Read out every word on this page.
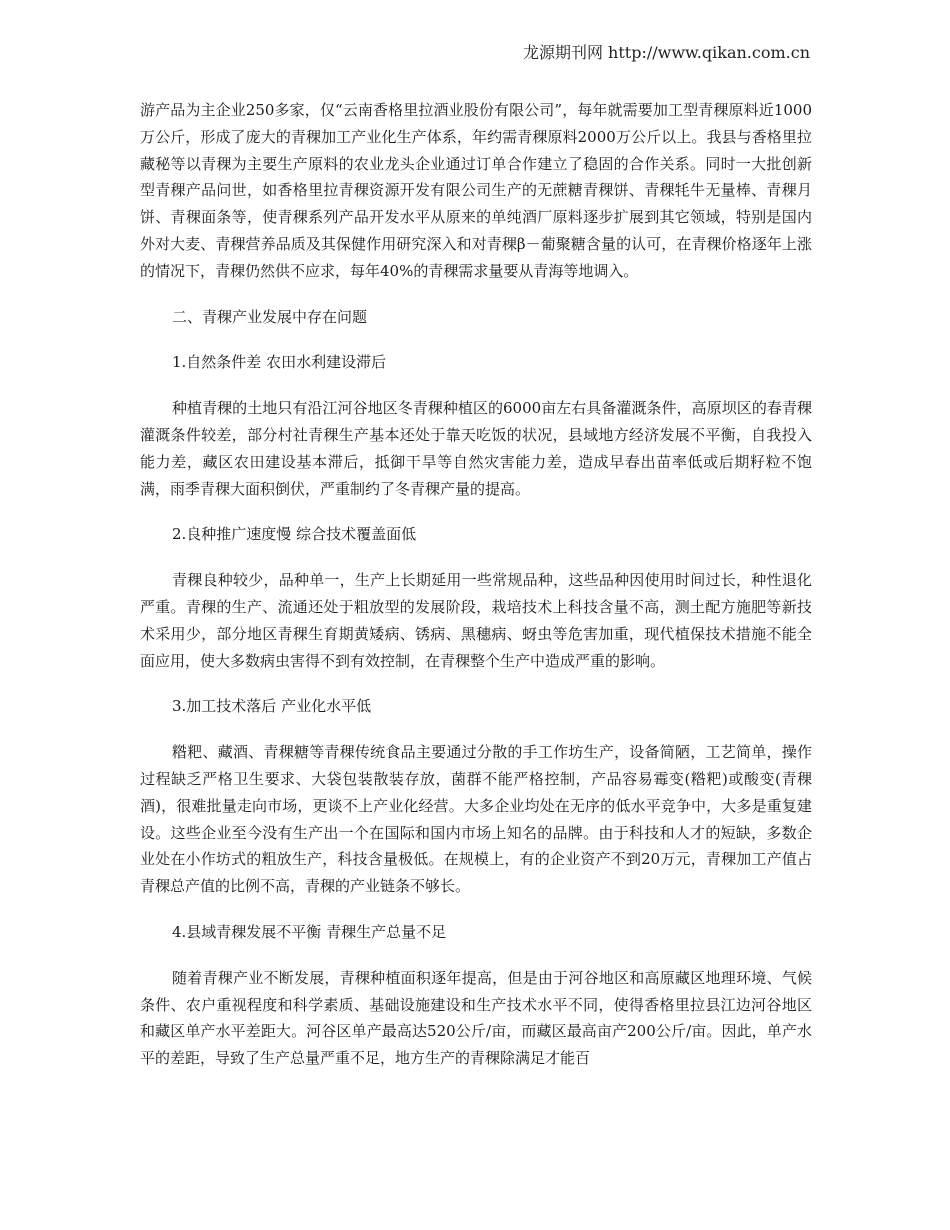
龙源期刊网 http://www.qikan.com.cn

游产品为主企业250多家，仅“云南香格里拉酒业股份有限公司”，每年就需要加工型青稞原料近1000万公斤，形成了庞大的青稞加工产业化生产体系，年约需青稞原料2000万公斤以上。我县与香格里拉藏秘等以青稞为主要生产原料的农业龙头企业通过订单合作建立了稳固的合作关系。同时一大批创新型青稞产品问世，如香格里拉青稞资源开发有限公司生产的无蔗糖青稞饼、青稞牦牛无量棒、青稞月饼、青稞面条等，使青稞系列产品开发水平从原来的单纯酒厂原料逐步扩展到其它领域，特别是国内外对大麦、青稞营养品质及其保健作用研究深入和对青稞β－葡聚糖含量的认可，在青稞价格逐年上涨的情况下，青稞仍然供不应求，每年40%的青稞需求量要从青海等地调入。

二、青稞产业发展中存在问题

1.自然条件差 农田水利建设滞后

种植青稞的土地只有沿江河谷地区冬青稞种植区的6000亩左右具备灌溉条件，高原坝区的春青稞灌溉条件较差，部分村社青稞生产基本还处于靠天吃饭的状况，县域地方经济发展不平衡，自我投入能力差，藏区农田建设基本滞后，抵御干旱等自然灾害能力差，造成早春出苗率低或后期籽粒不饱满，雨季青稞大面积倒伏，严重制约了冬青稞产量的提高。

2.良种推广速度慢 综合技术覆盖面低

青稞良种较少，品种单一，生产上长期延用一些常规品种，这些品种因使用时间过长，种性退化严重。青稞的生产、流通还处于粗放型的发展阶段，栽培技术上科技含量不高，测土配方施肥等新技术采用少，部分地区青稞生育期黄矮病、锈病、黑穗病、蚜虫等危害加重，现代植保技术措施不能全面应用，使大多数病虫害得不到有效控制，在青稞整个生产中造成严重的影响。

3.加工技术落后 产业化水平低

糌粑、藏酒、青稞糖等青稞传统食品主要通过分散的手工作坊生产，设备简陋，工艺简单，操作过程缺乏严格卫生要求、大袋包装散装存放，菌群不能严格控制，产品容易霉变(糌粑)或酸变(青稞酒)，很难批量走向市场，更谈不上产业化经营。大多企业均处在无序的低水平竞争中，大多是重复建设。这些企业至今没有生产出一个在国际和国内市场上知名的品牌。由于科技和人才的短缺，多数企业处在小作坊式的粗放生产，科技含量极低。在规模上，有的企业资产不到20万元，青稞加工产值占青稞总产值的比例不高，青稞的产业链条不够长。

4.县域青稞发展不平衡 青稞生产总量不足

随着青稞产业不断发展，青稞种植面积逐年提高，但是由于河谷地区和高原藏区地理环境、气候条件、农户重视程度和科学素质、基础设施建设和生产技术水平不同，使得香格里拉县江边河谷地区和藏区单产水平差距大。河谷区单产最高达520公斤/亩，而藏区最高亩产200公斤/亩。因此，单产水平的差距，导致了生产总量严重不足，地方生产的青稞除满足才能百
